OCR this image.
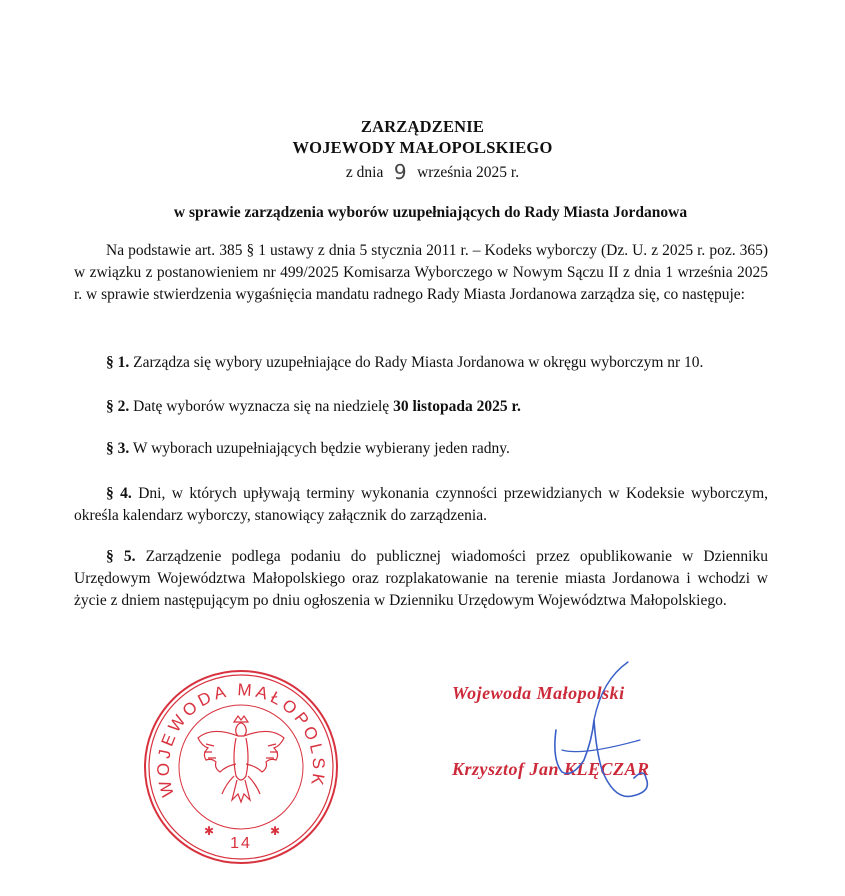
ZARZĄDZENIE
WOJEWODY MAŁOPOLSKIEGO
z dnia 9 września 2025 r.
w sprawie zarządzenia wyborów uzupełniających do Rady Miasta Jordanowa

Na podstawie art. 385 § 1 ustawy z dnia 5 stycznia 2011 r. – Kodeks wyborczy (Dz. U. z 2025 r. poz. 365) w związku z postanowieniem nr 499/2025 Komisarza Wyborczego w Nowym Sączu II z dnia 1 września 2025 r. w sprawie stwierdzenia wygaśnięcia mandatu radnego Rady Miasta Jordanowa zarządza się, co następuje:

§ 1. Zarządza się wybory uzupełniające do Rady Miasta Jordanowa w okręgu wyborczym nr 10.

§ 2. Datę wyborów wyznacza się na niedzielę 30 listopada 2025 r.

§ 3. W wyborach uzupełniających będzie wybierany jeden radny.

§ 4. Dni, w których upływają terminy wykonania czynności przewidzianych w Kodeksie wyborczym, określa kalendarz wyborczy, stanowiący załącznik do zarządzenia.

§ 5. Zarządzenie podlega podaniu do publicznej wiadomości przez opublikowanie w Dzienniku Urzędowym Województwa Małopolskiego oraz rozplakatowanie na terenie miasta Jordanowa i wchodzi w życie z dniem następującym po dniu ogłoszenia w Dzienniku Urzędowym Województwa Małopolskiego.

WOJEWODA MAŁOPOLSK
✱	✱
14
Wojewoda Małopolski
Krzysztof Jan KLĘCZAR
